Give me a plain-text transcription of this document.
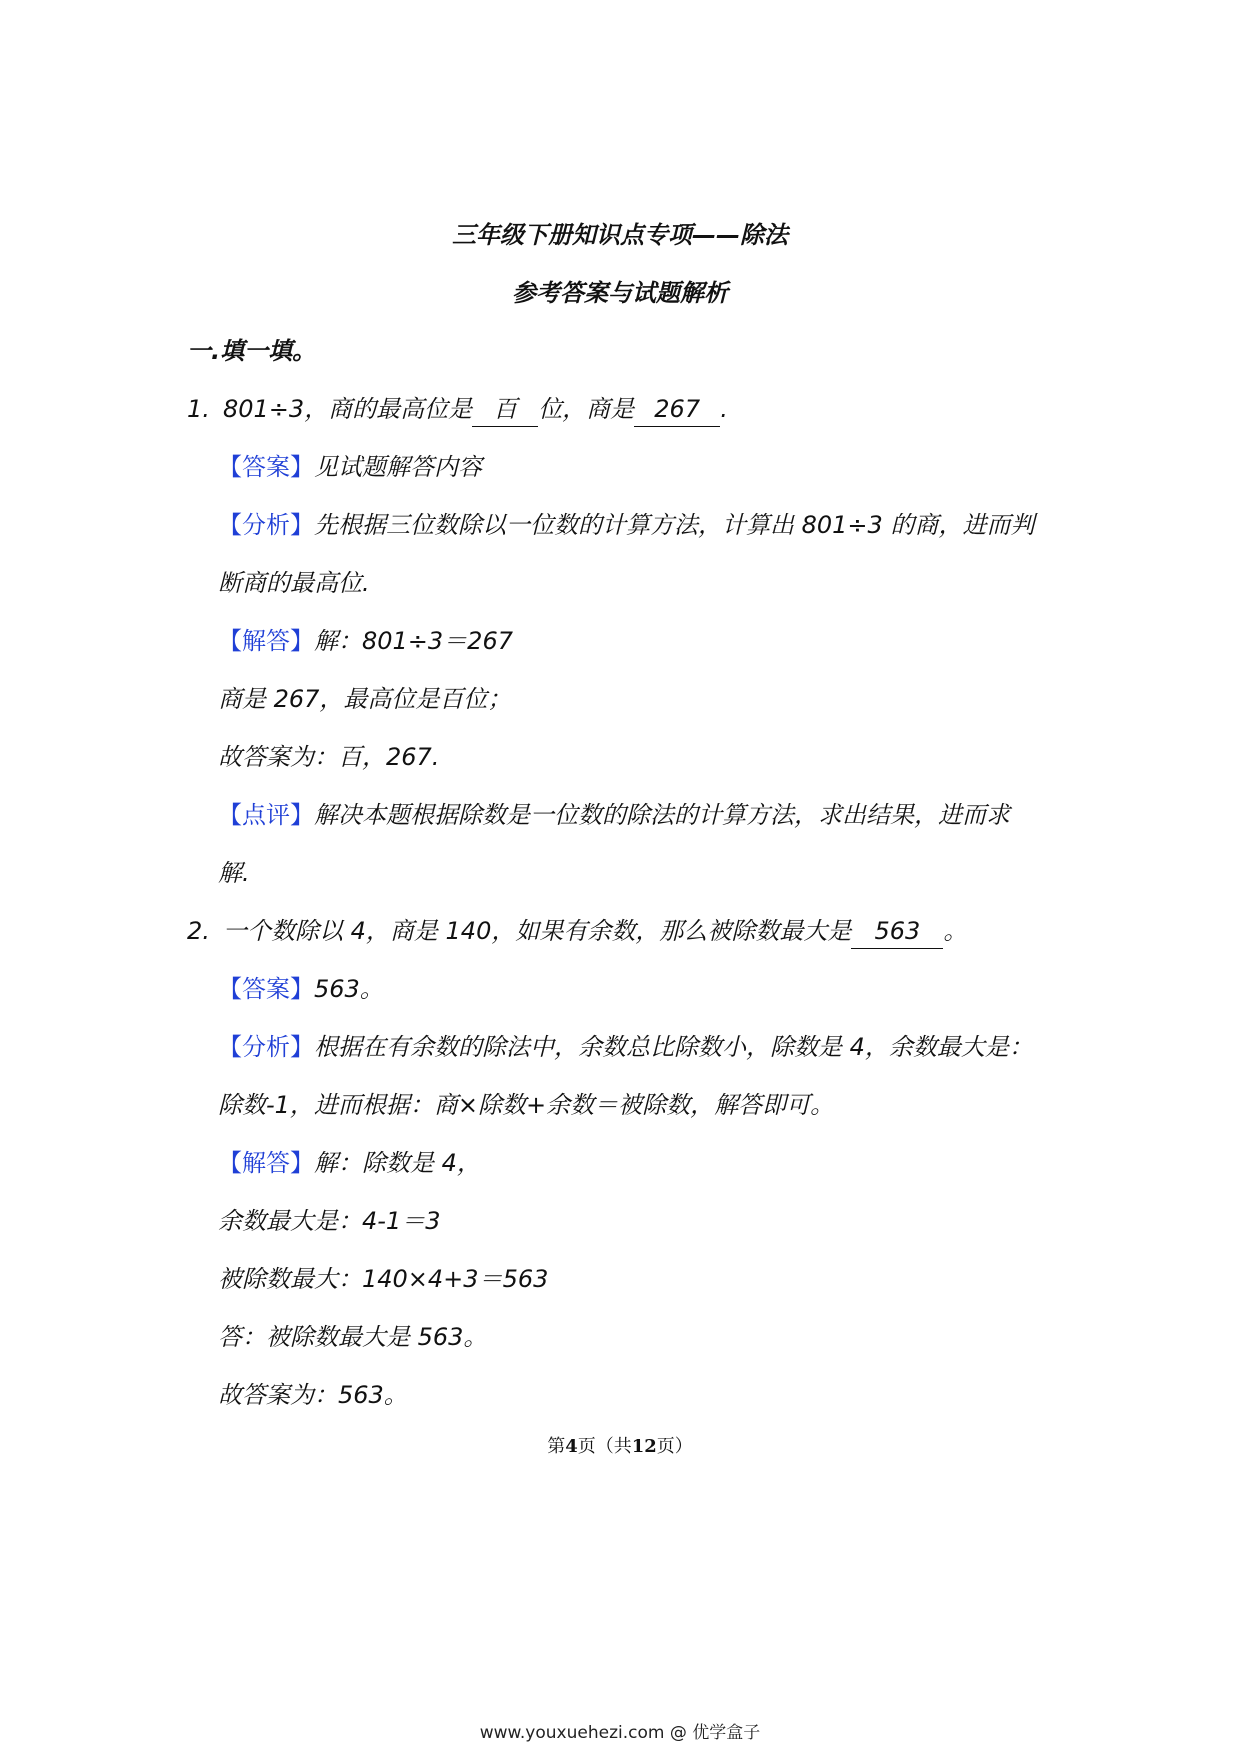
三年级下册知识点专项——除法
参考答案与试题解析
一.填一填。
1. 801÷3，商的最高位是 百 位，商是 267 .
【答案】见试题解答内容
【分析】先根据三位数除以一位数的计算方法，计算出 801÷3 的商，进而判
断商的最高位.
【解答】解：801÷3＝267
商是 267，最高位是百位；
故答案为：百，267.
【点评】解决本题根据除数是一位数的除法的计算方法，求出结果，进而求
解.
2. 一个数除以 4，商是 140，如果有余数，那么被除数最大是 563 。
【答案】563。
【分析】根据在有余数的除法中，余数总比除数小，除数是 4，余数最大是：
除数-1，进而根据：商×除数+余数＝被除数，解答即可。
【解答】解：除数是 4，
余数最大是：4-1＝3
被除数最大：140×4+3＝563
答：被除数最大是 563。
故答案为：563。
第4页（共12页）
www.youxuehezi.com @ 优学盒子
